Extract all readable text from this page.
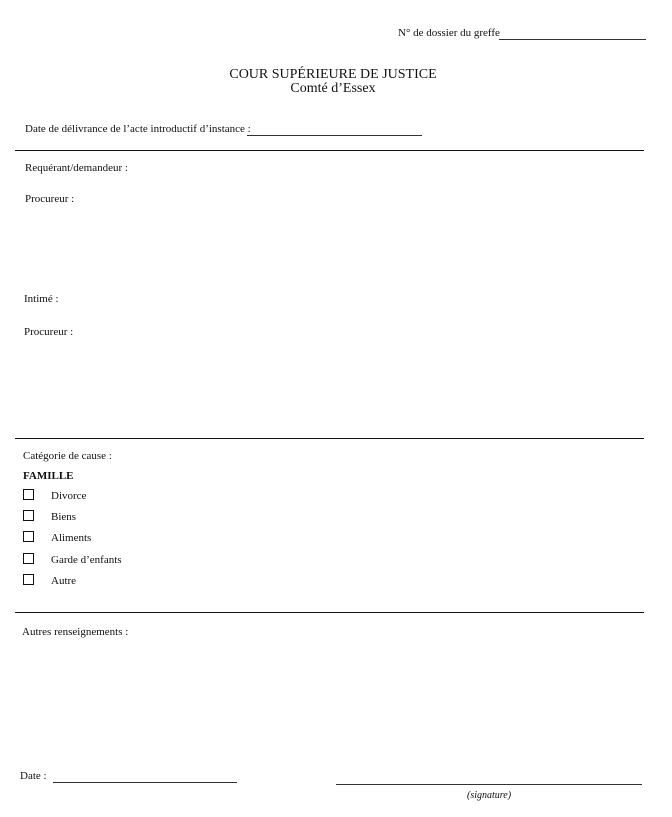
N° de dossier du greffe
COUR SUPÉRIEURE DE JUSTICE
Comté d’Essex
Date de délivrance de l’acte introductif d’instance :
Requérant/demandeur :
Procureur :
Intimé :
Procureur :
Catégorie de cause :
FAMILLE
Divorce
Biens
Aliments
Garde d’enfants
Autre
Autres renseignements :
Date :
(signature)
